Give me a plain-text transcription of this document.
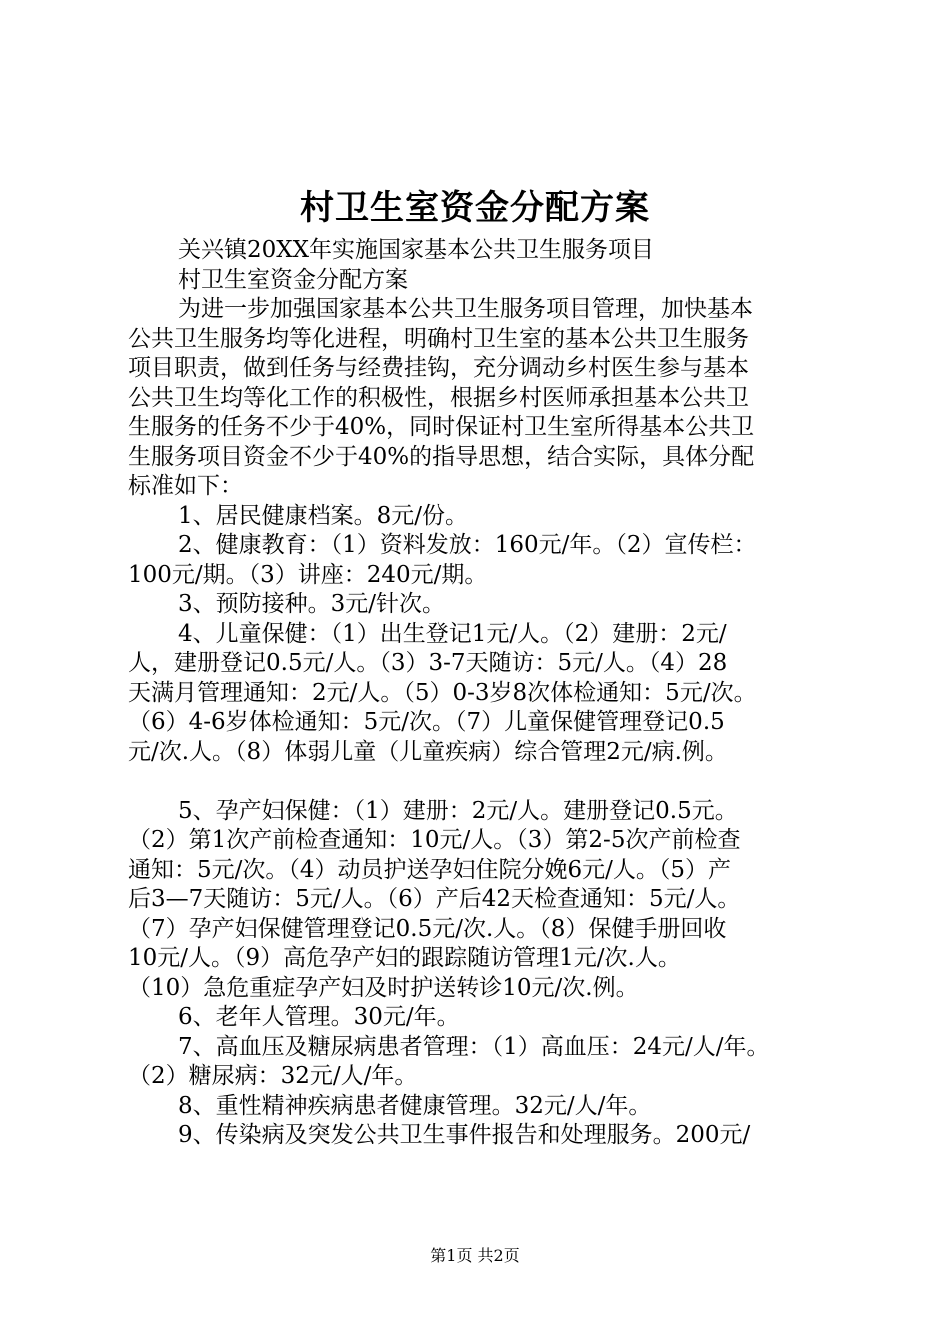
村卫生室资金分配方案
关兴镇20XX年实施国家基本公共卫生服务项目
村卫生室资金分配方案
为进一步加强国家基本公共卫生服务项目管理，加快基本
公共卫生服务均等化进程，明确村卫生室的基本公共卫生服务
项目职责，做到任务与经费挂钩，充分调动乡村医生参与基本
公共卫生均等化工作的积极性，根据乡村医师承担基本公共卫
生服务的任务不少于40%，同时保证村卫生室所得基本公共卫
生服务项目资金不少于40%的指导思想，结合实际，具体分配
标准如下：
1、居民健康档案。8元/份。
2、健康教育：（1）资料发放：160元/年。（2）宣传栏：
100元/期。（3）讲座：240元/期。
3、预防接种。3元/针次。
4、儿童保健：（1）出生登记1元/人。（2）建册：2元/
人，建册登记0.5元/人。（3）3-7天随访：5元/人。（4）28
天满月管理通知：2元/人。（5）0-3岁8次体检通知：5元/次。
（6）4-6岁体检通知：5元/次。（7）儿童保健管理登记0.5
元/次.人。（8）体弱儿童（儿童疾病）综合管理2元/病.例。
5、孕产妇保健：（1）建册：2元/人。建册登记0.5元。
（2）第1次产前检查通知：10元/人。（3）第2-5次产前检查
通知：5元/次。（4）动员护送孕妇住院分娩6元/人。（5）产
后3—7天随访：5元/人。（6）产后42天检查通知：5元/人。
（7）孕产妇保健管理登记0.5元/次.人。（8）保健手册回收
10元/人。（9）高危孕产妇的跟踪随访管理1元/次.人。
（10）急危重症孕产妇及时护送转诊10元/次.例。
6、老年人管理。30元/年。
7、高血压及糖尿病患者管理：（1）高血压：24元/人/年。
（2）糖尿病：32元/人/年。
8、重性精神疾病患者健康管理。32元/人/年。
9、传染病及突发公共卫生事件报告和处理服务。200元/
第1页 共2页
